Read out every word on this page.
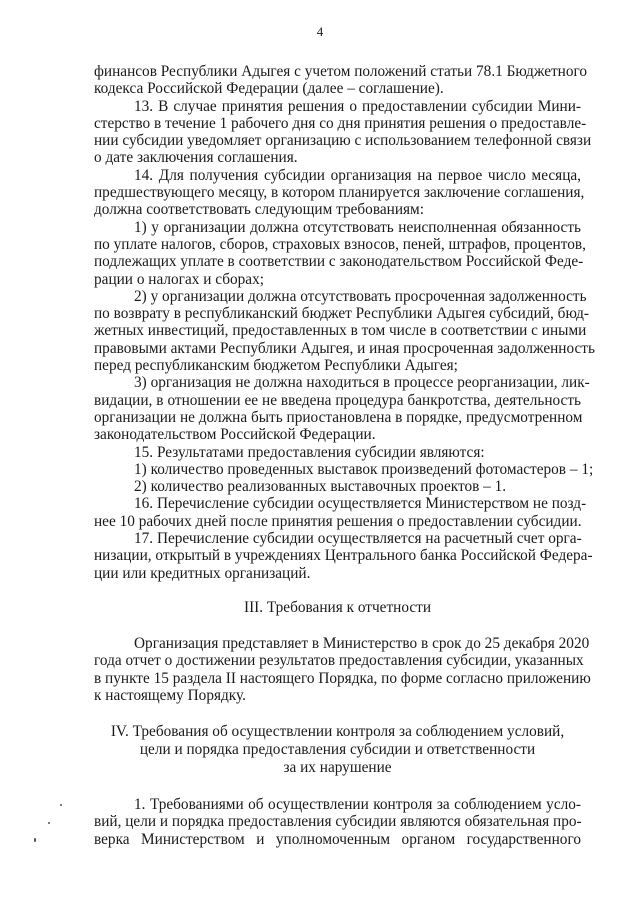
4
финансов Республики Адыгея с учетом положений статьи 78.1 Бюджетного
кодекса Российской Федерации (далее – соглашение).
13. В случае принятия решения о предоставлении субсидии Мини-
стерство в течение 1 рабочего дня со дня принятия решения о предоставле-
нии субсидии уведомляет организацию с использованием телефонной связи
о дате заключения соглашения.
14. Для получения субсидии организация на первое число месяца,
предшествующего месяцу, в котором планируется заключение соглашения,
должна соответствовать следующим требованиям:
1) у организации должна отсутствовать неисполненная обязанность
по уплате налогов, сборов, страховых взносов, пеней, штрафов, процентов,
подлежащих уплате в соответствии с законодательством Российской Феде-
рации о налогах и сборах;
2) у организации должна отсутствовать просроченная задолженность
по возврату в республиканский бюджет Республики Адыгея субсидий, бюд-
жетных инвестиций, предоставленных в том числе в соответствии с иными
правовыми актами Республики Адыгея, и иная просроченная задолженность
перед республиканским бюджетом Республики Адыгея;
3) организация не должна находиться в процессе реорганизации, лик-
видации, в отношении ее не введена процедура банкротства, деятельность
организации не должна быть приостановлена в порядке, предусмотренном
законодательством Российской Федерации.
15. Результатами предоставления субсидии являются:
1) количество проведенных выставок произведений фотомастеров – 1;
2) количество реализованных выставочных проектов – 1.
16. Перечисление субсидии осуществляется Министерством не позд-
нее 10 рабочих дней после принятия решения о предоставлении субсидии.
17. Перечисление субсидии осуществляется на расчетный счет орга-
низации, открытый в учреждениях Центрального банка Российской Федера-
ции или кредитных организаций.
III. Требования к отчетности
Организация представляет в Министерство в срок до 25 декабря 2020
года отчет о достижении результатов предоставления субсидии, указанных
в пункте 15 раздела II настоящего Порядка, по форме согласно приложению
к настоящему Порядку.
IV. Требования об осуществлении контроля за соблюдением условий,
цели и порядка предоставления субсидии и ответственности
за их нарушение
1. Требованиями об осуществлении контроля за соблюдением усло-
вий, цели и порядка предоставления субсидии являются обязательная про-
верка Министерством и уполномоченным органом государственного
